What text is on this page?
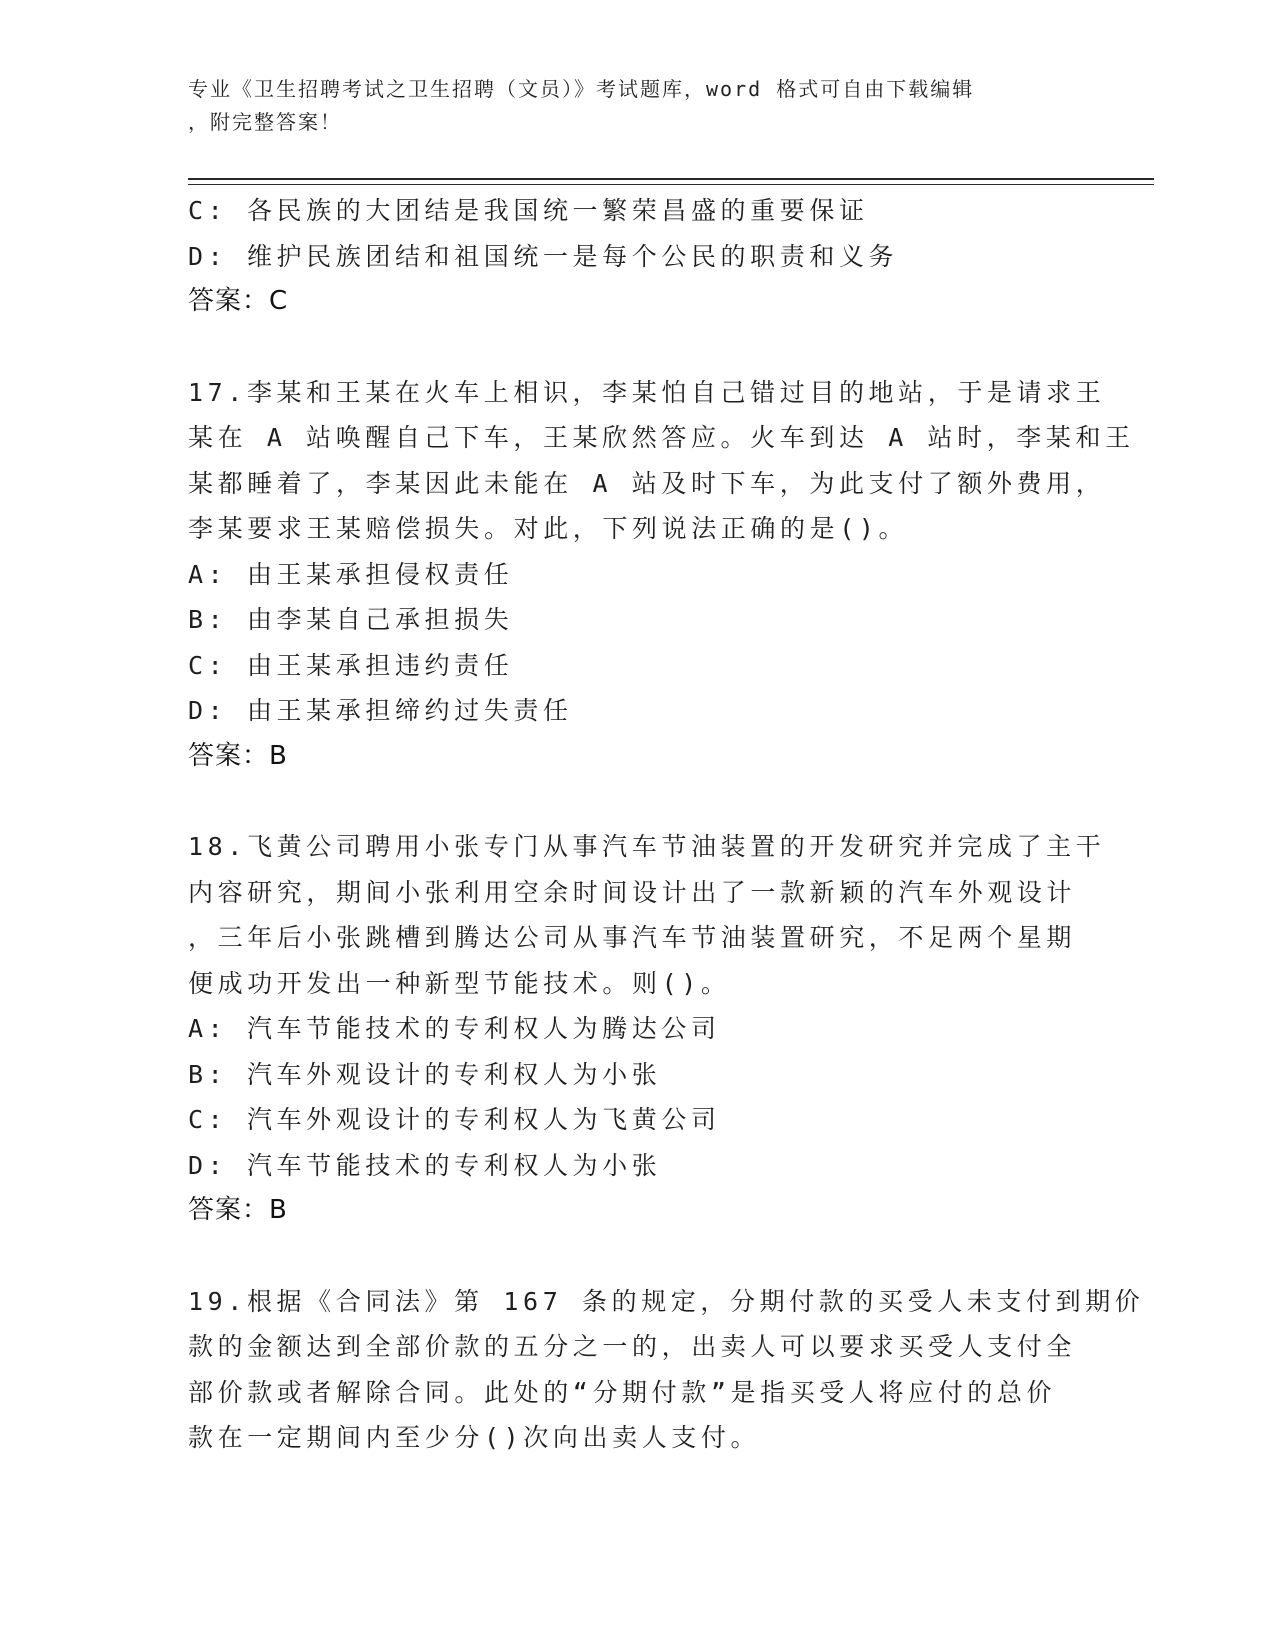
专业《卫生招聘考试之卫生招聘（文员）》考试题库，word 格式可自由下载编辑
，附完整答案！
C: 各民族的大团结是我国统一繁荣昌盛的重要保证
D: 维护民族团结和祖国统一是每个公民的职责和义务
答案：C
17.李某和王某在火车上相识，李某怕自己错过目的地站，于是请求王
某在 A 站唤醒自己下车，王某欣然答应。火车到达 A 站时，李某和王
某都睡着了，李某因此未能在 A 站及时下车，为此支付了额外费用，
李某要求王某赔偿损失。对此，下列说法正确的是()。
A: 由王某承担侵权责任
B: 由李某自己承担损失
C: 由王某承担违约责任
D: 由王某承担缔约过失责任
答案：B
18.飞黄公司聘用小张专门从事汽车节油装置的开发研究并完成了主干
内容研究，期间小张利用空余时间设计出了一款新颖的汽车外观设计
，三年后小张跳槽到腾达公司从事汽车节油装置研究，不足两个星期
便成功开发出一种新型节能技术。则()。
A: 汽车节能技术的专利权人为腾达公司
B: 汽车外观设计的专利权人为小张
C: 汽车外观设计的专利权人为飞黄公司
D: 汽车节能技术的专利权人为小张
答案：B
19.根据《合同法》第 167 条的规定，分期付款的买受人未支付到期价
款的金额达到全部价款的五分之一的，出卖人可以要求买受人支付全
部价款或者解除合同。此处的“分期付款”是指买受人将应付的总价
款在一定期间内至少分()次向出卖人支付。
